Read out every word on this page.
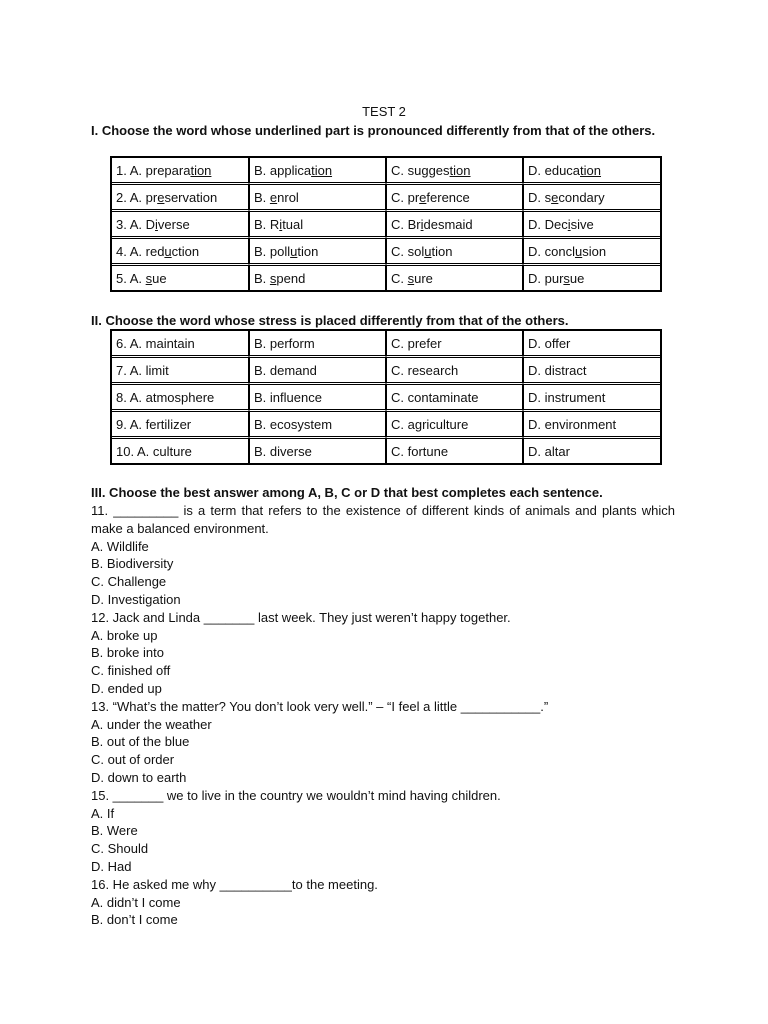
TEST 2
I. Choose the word whose underlined part is pronounced differently from that of the others.
1. A. preparation	B. application	C. suggestion	D. education
2. A. preservation	B. enrol	C. preference	D. secondary
3. A. Diverse	B. Ritual	C. Bridesmaid	D. Decisive
4. A. reduction	B. pollution	C. solution	D. conclusion
5. A. sue	B. spend	C. sure	D. pursue
II. Choose the word whose stress is placed differently from that of the others.
6. A. maintain	B. perform	C. prefer	D. offer
7. A. limit	B. demand	C. research	D. distract
8. A. atmosphere	B. influence	C. contaminate	D. instrument
9. A. fertilizer	B. ecosystem	C. agriculture	D. environment
10. A. culture	B. diverse	C. fortune	D. altar
III. Choose the best answer among A, B, C or D that best completes each sentence.
11. _________ is a term that refers to the existence of different kinds of animals and plants which make a balanced environment.
A. Wildlife
B. Biodiversity
C. Challenge
D. Investigation
12. Jack and Linda _______ last week. They just weren’t happy together.
A. broke up
B. broke into
C. finished off
D. ended up
13. “What’s the matter? You don’t look very well.” – “I feel a little ___________.”
A. under the weather
B. out of the blue
C. out of order
D. down to earth
15. _______ we to live in the country we wouldn’t mind having children.
A. If
B. Were
C. Should
D. Had
16. He asked me why __________to the meeting.
A. didn’t I come
B. don’t I come
